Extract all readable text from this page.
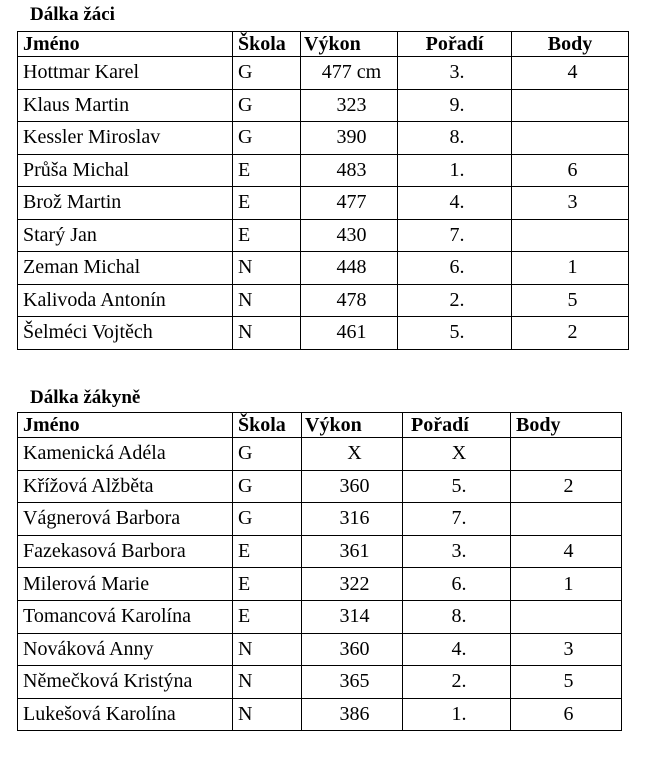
Dálka žáci
Jméno	Škola	Výkon	Pořadí	Body
Hottmar Karel	G	477 cm	3.	4
Klaus Martin	G	323	9.	
Kessler Miroslav	G	390	8.	
Průša Michal	E	483	1.	6
Brož Martin	E	477	4.	3
Starý Jan	E	430	7.	
Zeman Michal	N	448	6.	1
Kalivoda Antonín	N	478	2.	5
Šelméci Vojtěch	N	461	5.	2
Dálka žákyně
Jméno	Škola	Výkon	Pořadí	Body
Kamenická Adéla	G	X	X	
Křížová Alžběta	G	360	5.	2
Vágnerová Barbora	G	316	7.	
Fazekasová Barbora	E	361	3.	4
Milerová Marie	E	322	6.	1
Tomancová Karolína	E	314	8.	
Nováková Anny	N	360	4.	3
Němečková Kristýna	N	365	2.	5
Lukešová Karolína	N	386	1.	6
